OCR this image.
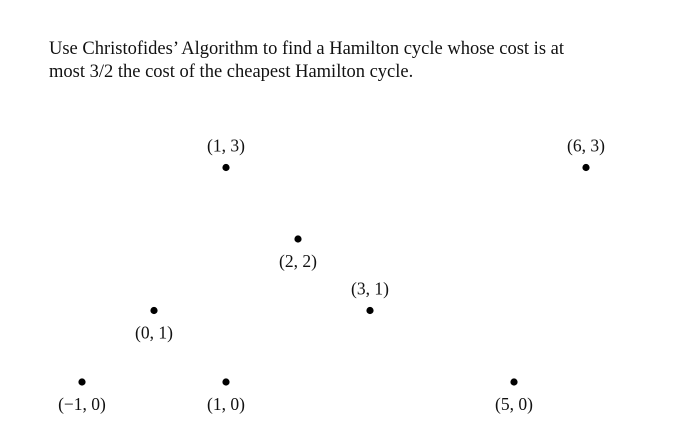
Use Christofides’ Algorithm to find a Hamilton cycle whose cost is at
most 3/2 the cost of the cheapest Hamilton cycle.

(1, 3)	(6, 3)
(2, 2)
(3, 1)
(0, 1)
(−1, 0)	(1, 0)	(5, 0)
